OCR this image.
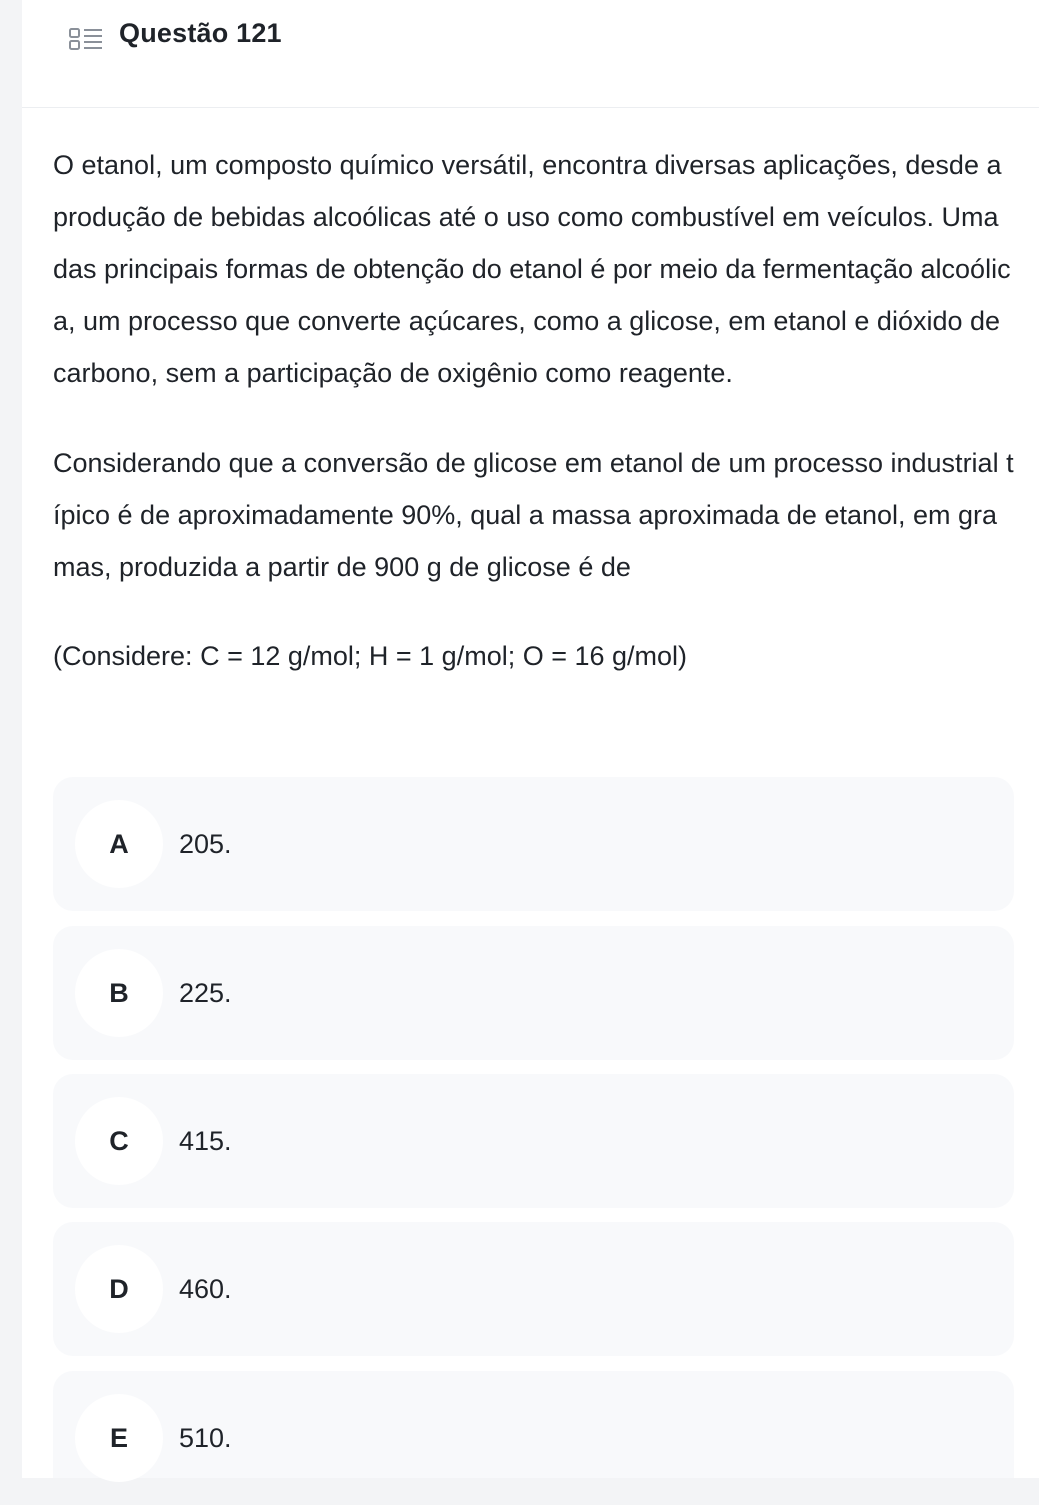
Questão 121

O etanol, um composto químico versátil, encontra diversas aplicações, desde a produção de bebidas alcoólicas até o uso como combustível em veículos. Uma das principais formas de obtenção do etanol é por meio da fermentação alcoólica, um processo que converte açúcares, como a glicose, em etanol e dióxido de carbono, sem a participação de oxigênio como reagente.

Considerando que a conversão de glicose em etanol de um processo industrial típico é de aproximadamente 90%, qual a massa aproximada de etanol, em gramas, produzida a partir de 900 g de glicose é de

(Considere: C = 12 g/mol; H = 1 g/mol; O = 16 g/mol)

A	205.
B	225.
C	415.
D	460.
E	510.
